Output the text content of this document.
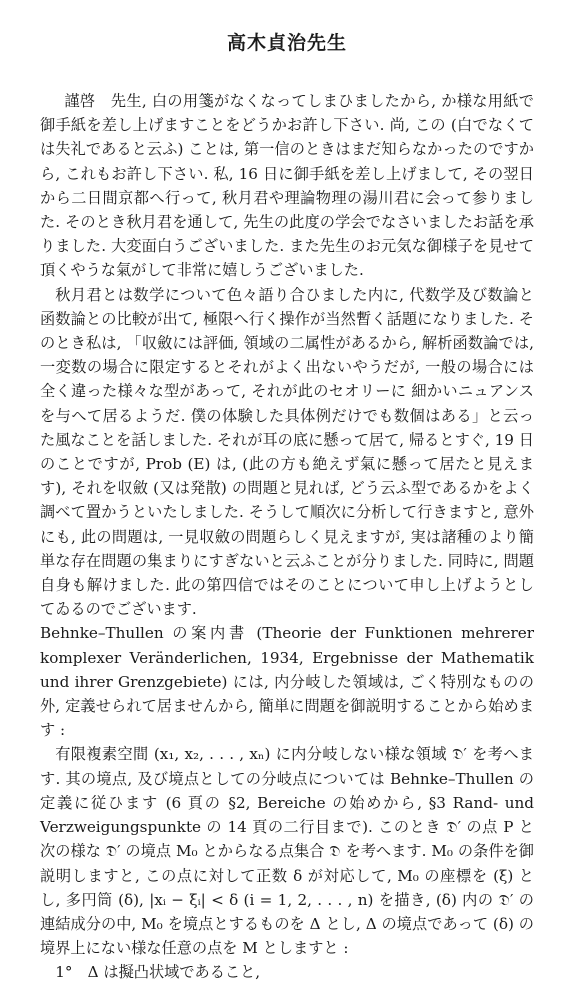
高木貞治先生

謹啓　先生, 白の用箋がなくなってしまひましたから, か様な用紙で御手紙を差し上げますことをどうかお許し下さい. 尚, この (白でなくては失礼であると云ふ) ことは, 第一信のときはまだ知らなかったのですから, これもお許し下さい. 私, 16 日に御手紙を差し上げまして, その翌日から二日間京都へ行って, 秋月君や理論物理の湯川君に会って参りました. そのとき秋月君を通して, 先生の此度の学会でなさいましたお話を承りました. 大変面白うございました. また先生のお元気な御様子を見せて頂くやうな氣がして非常に嬉しうございました.

秋月君とは数学について色々語り合ひました内に, 代数学及び数論と函数論との比較が出て, 極限へ行く操作が当然暫く話題になりました. そのとき私は, 「収斂には評価, 領域の二属性があるから, 解析函数論では, 一変数の場合に限定するとそれがよく出ないやうだが, 一般の場合には全く違った様々な型があって, それが此のセオリーに 細かいニュアンス を与へて居るようだ. 僕の体験した具体例だけでも数個はある」と云った風なことを話しました. それが耳の底に懸って居て, 帰るとすぐ, 19 日のことですが, Prob (E) は, (此の方も絶えず氣に懸って居たと見えます), それを収斂 (又は発散) の問題と見れば, どう云ふ型であるかをよく調べて置かうといたしました. そうして順次に分析して行きますと, 意外にも, 此の問題は, 一見収斂の問題らしく見えますが, 実は諸種のより簡単な存在問題の集まりにすぎないと云ふことが分りました. 同時に, 問題自身も解けました. 此の第四信ではそのことについて申し上げようとしてゐるのでございます.

Behnke–Thullen の案内書 (Theorie der Funktionen mehrerer komplexer Veränderlichen, 1934, Ergebnisse der Mathematik und ihrer Grenzgebiete) には, 内分岐した領域は, ごく特別なものの外, 定義せられて居ませんから, 簡単に問題を御説明することから始めます :

有限複素空間 (x₁, x₂, . . . , xₙ) に内分岐しない様な領域 𝔇′ を考へます. 其の境点, 及び境点としての分岐点については Behnke–Thullen の定義に従ひます (6 頁の §2, Bereiche の始めから, §3 Rand- und Verzweigungspunkte の 14 頁の二行目まで). このとき 𝔇′ の点 P と次の様な 𝔇′ の境点 M₀ とからなる点集合 𝔇 を考へます. M₀ の条件を御説明しますと, この点に対して正数 δ が対応して, M₀ の座標を (ξ) とし, 多円筒 (δ), |xᵢ − ξᵢ| < δ (i = 1, 2, . . . , n) を描き, (δ) 内の 𝔇′ の連結成分の中, M₀ を境点とするものを Δ とし, Δ の境点であって (δ) の境界上にない様な任意の点を M としますと :

1°　Δ は擬凸状域であること,
